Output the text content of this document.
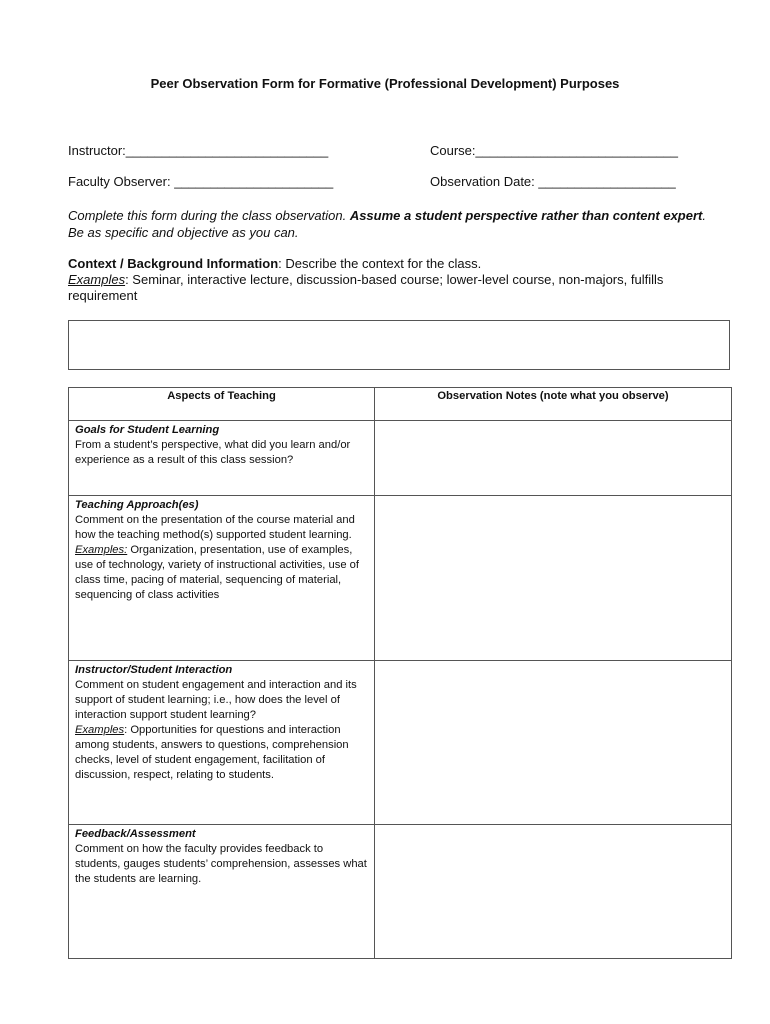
Peer Observation Form for Formative (Professional Development) Purposes
Instructor:____________________________	Course:____________________________
Faculty Observer: ______________________	Observation Date: ___________________
Complete this form during the class observation. Assume a student perspective rather than content expert. Be as specific and objective as you can.
Context / Background Information: Describe the context for the class.
Examples: Seminar, interactive lecture, discussion-based course; lower-level course, non-majors, fulfills requirement
Aspects of Teaching	Observation Notes (note what you observe)

Goals for Student Learning
From a student’s perspective, what did you learn and/or experience as a result of this class session?	

Teaching Approach(es)
Comment on the presentation of the course material and how the teaching method(s) supported student learning.
Examples: Organization, presentation, use of examples, use of technology, variety of instructional activities, use of class time, pacing of material, sequencing of material, sequencing of class activities	

Instructor/Student Interaction
Comment on student engagement and interaction and its support of student learning; i.e., how does the level of interaction support student learning?
Examples: Opportunities for questions and interaction among students, answers to questions, comprehension checks, level of student engagement, facilitation of discussion, respect, relating to students.	

Feedback/Assessment
Comment on how the faculty provides feedback to students, gauges students’ comprehension, assesses what the students are learning.	
